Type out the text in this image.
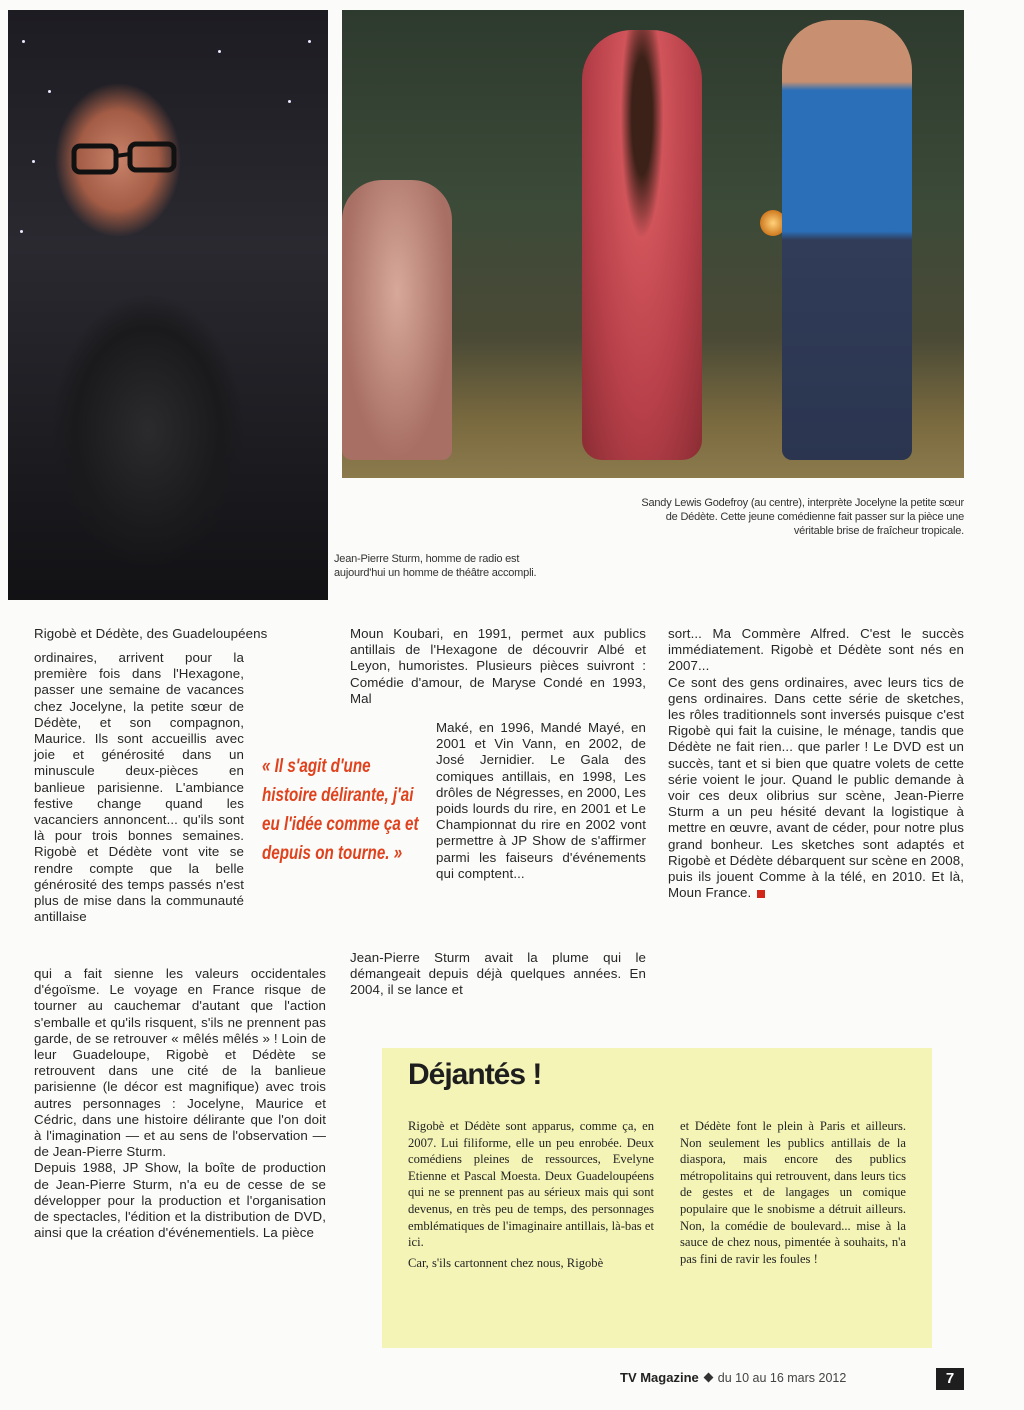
Sandy Lewis Godefroy (au centre), interprète Jocelyne la petite sœur de Dédète. Cette jeune comédienne fait passer sur la pièce une véritable brise de fraîcheur tropicale.
Jean-Pierre Sturm, homme de radio est aujourd'hui un homme de théâtre accompli.

Rigobè et Dédète, des Guadeloupéens

ordinaires, arrivent pour la première fois dans l'Hexagone, passer une semaine de vacances chez Jocelyne, la petite sœur de Dédète, et son compagnon, Maurice. Ils sont accueillis avec joie et générosité dans un minuscule deux-pièces en banlieue parisienne. L'ambiance festive change quand les vacanciers annoncent... qu'ils sont là pour trois bonnes semaines. Rigobè et Dédète vont vite se rendre compte que la belle générosité des temps passés n'est plus de mise dans la communauté antillaise

qui a fait sienne les valeurs occidentales d'égoïsme. Le voyage en France risque de tourner au cauchemar d'autant que l'action s'emballe et qu'ils risquent, s'ils ne prennent pas garde, de se retrouver « mêlés mêlés » ! Loin de leur Guadeloupe, Rigobè et Dédète se retrouvent dans une cité de la banlieue parisienne (le décor est magnifique) avec trois autres personnages : Jocelyne, Maurice et Cédric, dans une histoire délirante que l'on doit à l'imagination — et au sens de l'observation — de Jean-Pierre Sturm.

Depuis 1988, JP Show, la boîte de production de Jean-Pierre Sturm, n'a eu de cesse de se développer pour la production et l'organisation de spectacles, l'édition et la distribution de DVD, ainsi que la création d'événementiels. La pièce

Moun Koubari, en 1991, permet aux publics antillais de l'Hexagone de découvrir Albé et Leyon, humoristes. Plusieurs pièces suivront : Comédie d'amour, de Maryse Condé en 1993, Mal

Maké, en 1996, Mandé Mayé, en 2001 et Vin Vann, en 2002, de José Jernidier. Le Gala des comiques antillais, en 1998, Les drôles de Négresses, en 2000, Les poids lourds du rire, en 2001 et Le Championnat du rire en 2002 vont permettre à JP Show de s'affirmer parmi les faiseurs d'événements qui comptent...

Jean-Pierre Sturm avait la plume qui le démangeait depuis déjà quelques années. En 2004, il se lance et

sort... Ma Commère Alfred. C'est le succès immédiatement. Rigobè et Dédète sont nés en 2007...

Ce sont des gens ordinaires, avec leurs tics de gens ordinaires. Dans cette série de sketches, les rôles traditionnels sont inversés puisque c'est Rigobè qui fait la cuisine, le ménage, tandis que Dédète ne fait rien... que parler ! Le DVD est un succès, tant et si bien que quatre volets de cette série voient le jour. Quand le public demande à voir ces deux olibrius sur scène, Jean-Pierre Sturm a un peu hésité devant la logistique à mettre en œuvre, avant de céder, pour notre plus grand bonheur. Les sketches sont adaptés et Rigobè et Dédète débarquent sur scène en 2008, puis ils jouent Comme à la télé, en 2010. Et là, Moun France.

« Il s'agit d'une histoire délirante, j'ai eu l'idée comme ça et depuis on tourne. »
Déjantés !

Rigobè et Dédète sont apparus, comme ça, en 2007. Lui filiforme, elle un peu enrobée. Deux comédiens pleines de ressources, Evelyne Etienne et Pascal Moesta. Deux Guadeloupéens qui ne se prennent pas au sérieux mais qui sont devenus, en très peu de temps, des personnages emblématiques de l'imaginaire antillais, là-bas et ici.

Car, s'ils cartonnent chez nous, Rigobè

et Dédète font le plein à Paris et ailleurs. Non seulement les publics antillais de la diaspora, mais encore des publics métropolitains qui retrouvent, dans leurs tics de gestes et de langages un comique populaire que le snobisme a détruit ailleurs. Non, la comédie de boulevard... mise à la sauce de chez nous, pimentée à souhaits, n'a pas fini de ravir les foules !

TV Magazine du 10 au 16 mars 2012	7
